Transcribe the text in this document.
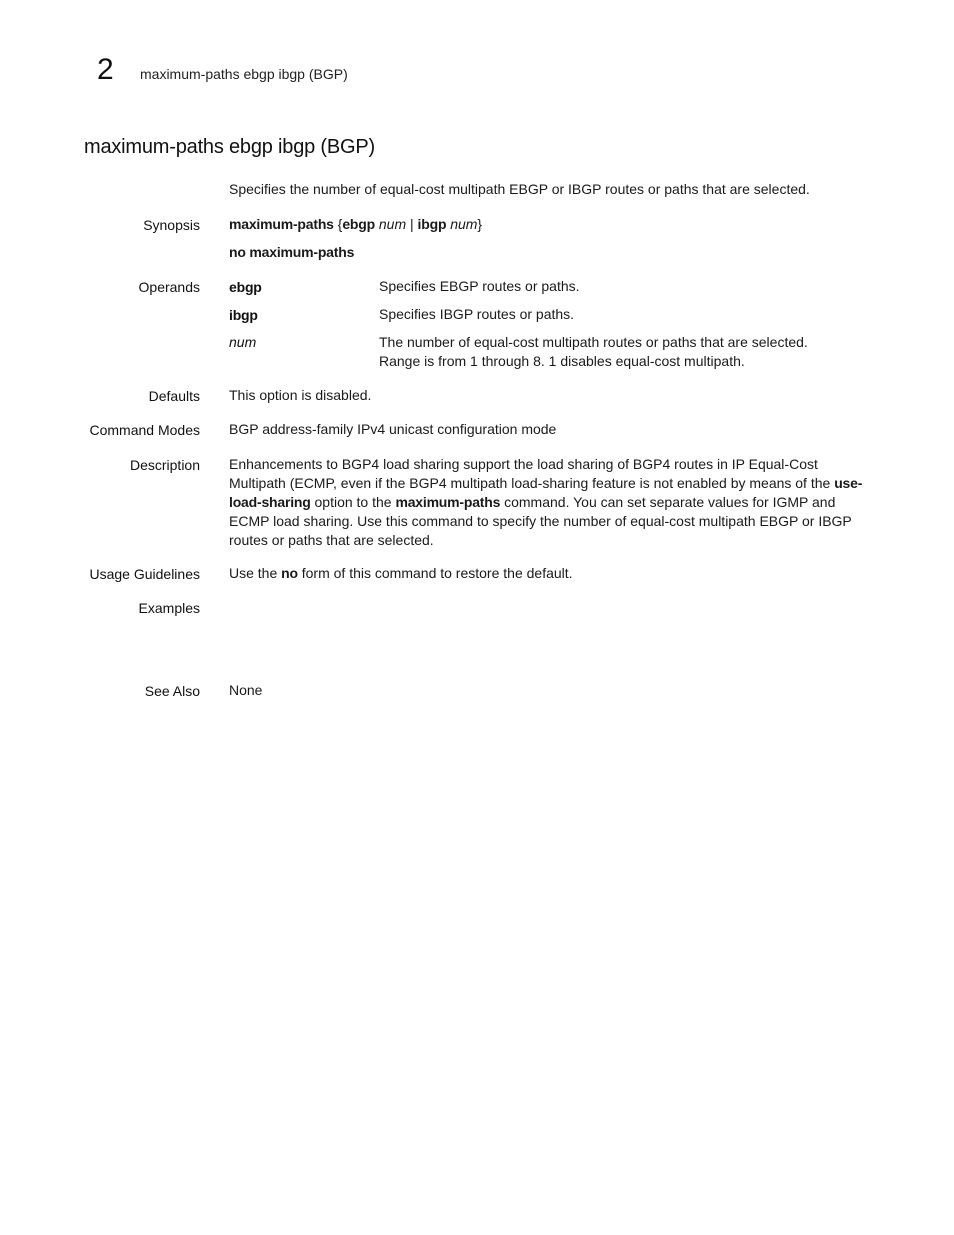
2 maximum-paths ebgp ibgp (BGP)
maximum-paths ebgp ibgp (BGP)
Specifies the number of equal-cost multipath EBGP or IBGP routes or paths that are selected.
Synopsis maximum-paths {ebgp num | ibgp num}
no maximum-paths
Operands ebgp	Specifies EBGP routes or paths.
ibgp	Specifies IBGP routes or paths.
num	The number of equal-cost multipath routes or paths that are selected. Range is from 1 through 8. 1 disables equal-cost multipath.
Defaults This option is disabled.
Command Modes BGP address-family IPv4 unicast configuration mode
Description Enhancements to BGP4 load sharing support the load sharing of BGP4 routes in IP Equal-Cost Multipath (ECMP, even if the BGP4 multipath load-sharing feature is not enabled by means of the use-load-sharing option to the maximum-paths command. You can set separate values for IGMP and ECMP load sharing. Use this command to specify the number of equal-cost multipath EBGP or IBGP routes or paths that are selected.
Usage Guidelines Use the no form of this command to restore the default.
Examples
See Also None
